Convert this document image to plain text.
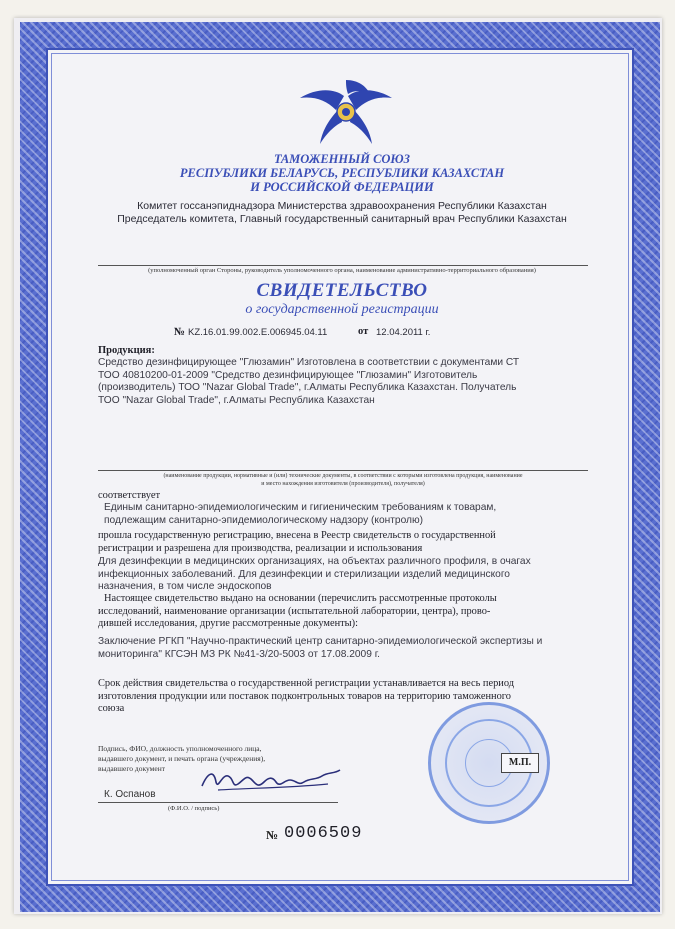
ТАМОЖЕННЫЙ СОЮЗ
РЕСПУБЛИКИ БЕЛАРУСЬ, РЕСПУБЛИКИ КАЗАХСТАН
И РОССИЙСКОЙ ФЕДЕРАЦИИ
Комитет госсанэпиднадзора Министерства здравоохранения Республики Казахстан
Председатель комитета, Главный государственный санитарный врач Республики Казахстан
(уполномоченный орган Стороны, руководитель уполномоченного органа, наименование административно-территориального образования)
СВИДЕТЕЛЬСТВО
о государственной регистрации
№ KZ.16.01.99.002.E.006945.04.11	от 12.04.2011 г.
Продукция:
Средство дезинфицирующее "Глюзамин" Изготовлена в соответствии с документами СТ
ТОО 40810200-01-2009 "Средство дезинфицирующее "Глюзамин" Изготовитель
(производитель) ТОО "Nazar Global Trade", г.Алматы Республика Казахстан. Получатель
ТОО "Nazar Global Trade", г.Алматы Республика Казахстан
(наименование продукции, нормативные и (или) технические документы, в соответствии с которыми изготовлена продукция, наименование
и место нахождения изготовителя (производителя), получателя)
соответствует
Единым санитарно-эпидемиологическим и гигиеническим требованиям к товарам,
подлежащим санитарно-эпидемиологическому надзору (контролю)
прошла государственную регистрацию, внесена в Реестр свидетельств о государственной
регистрации и разрешена для производства, реализации и использования
Для дезинфекции в медицинских организациях, на объектах различного профиля, в очагах
инфекционных заболеваний. Для дезинфекции и стерилизации изделий медицинского
назначения, в том числе эндоскопов
Настоящее свидетельство выдано на основании (перечислить рассмотренные протоколы
исследований, наименование организации (испытательной лаборатории, центра), прово-
дившей исследования, другие рассмотренные документы):
Заключение РГКП "Научно-практический центр санитарно-эпидемиологической экспертизы и
мониторинга" КГСЭН МЗ РК №41-3/20-5003 от 17.08.2009 г.
Срок действия свидетельства о государственной регистрации устанавливается на весь период
изготовления продукции или поставок подконтрольных товаров на территорию таможенного
союза
Подпись, ФИО, должность уполномоченного лица,
выдавшего документ, и печать органа (учреждения),
выдавшего документ
К. Оспанов
(Ф.И.О. / подпись)
№ 0006509
М.П.
